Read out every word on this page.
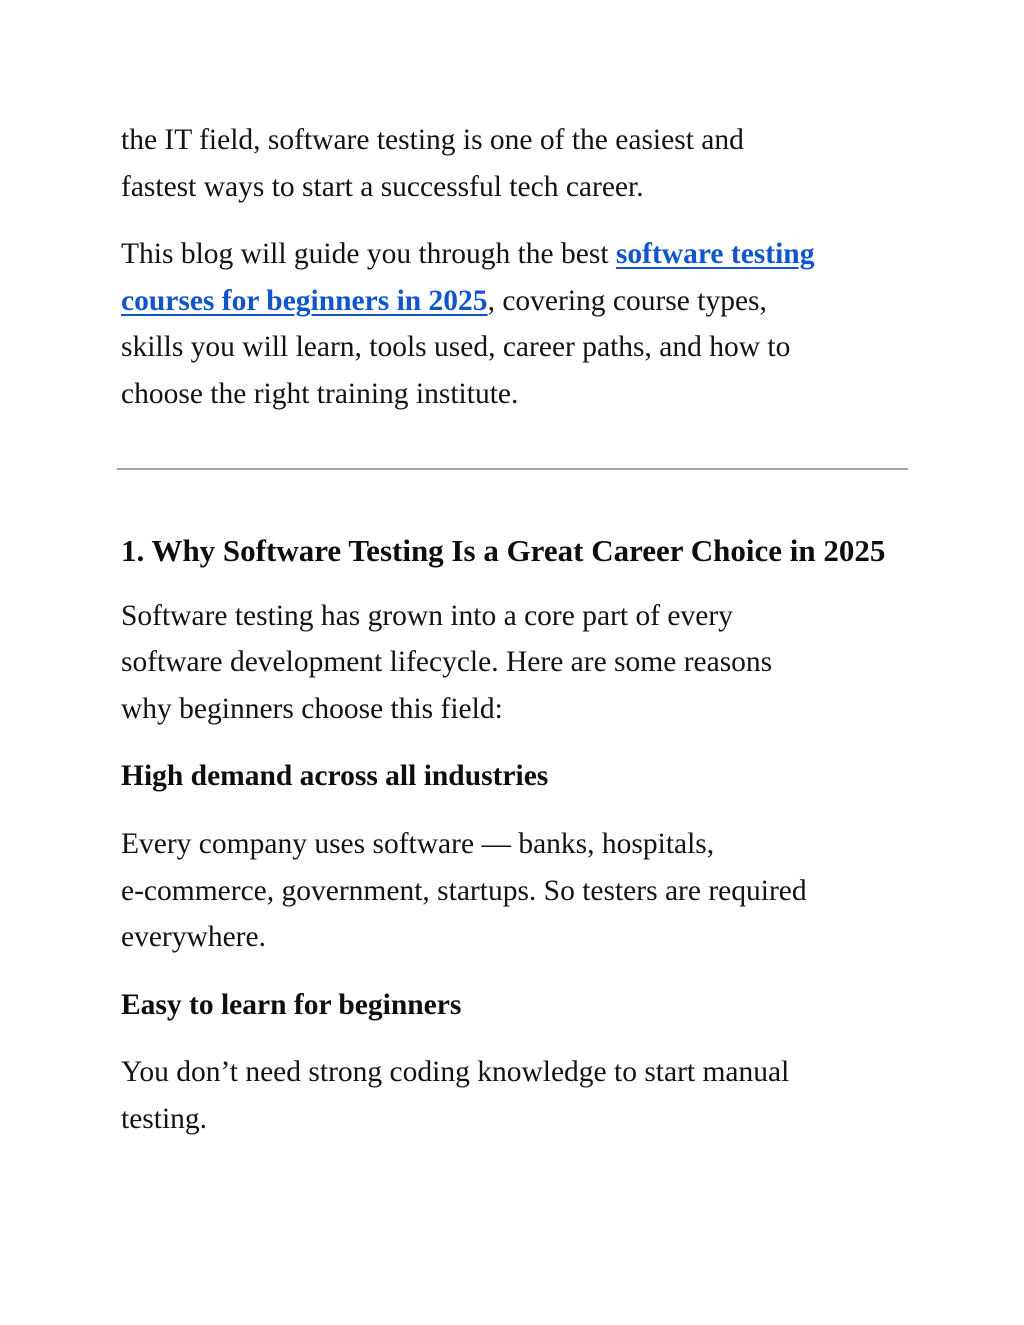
the IT field, software testing is one of the easiest and
fastest ways to start a successful tech career.

This blog will guide you through the best software testing
courses for beginners in 2025, covering course types,
skills you will learn, tools used, career paths, and how to
choose the right training institute.

1. Why Software Testing Is a Great Career Choice in 2025

Software testing has grown into a core part of every
software development lifecycle. Here are some reasons
why beginners choose this field:

High demand across all industries

Every company uses software — banks, hospitals,
e-commerce, government, startups. So testers are required
everywhere.

Easy to learn for beginners

You don’t need strong coding knowledge to start manual
testing.
